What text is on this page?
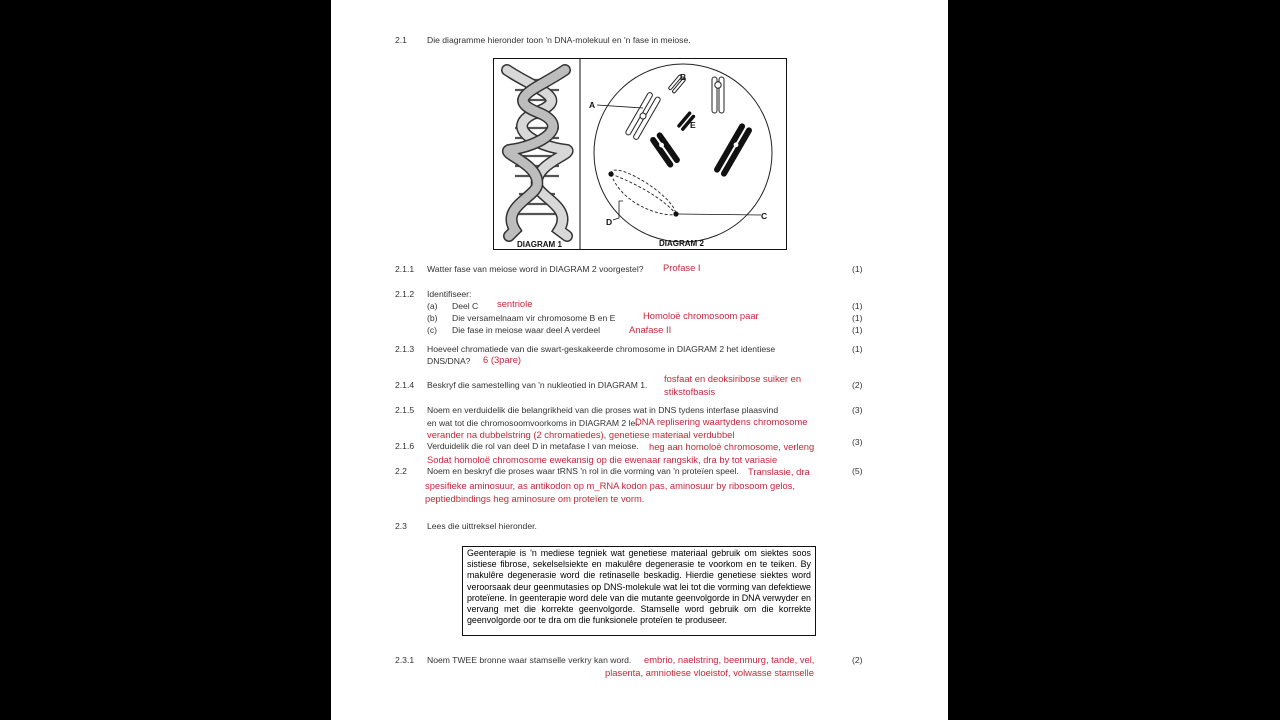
2.1 Die diagramme hieronder toon 'n DNA-molekuul en 'n fase in meiose.
A
B
C
D
E
DIAGRAM 1	DIAGRAM 2
2.1.1 Watter fase van meiose word in DIAGRAM 2 voorgestel?	(1)
Profase I
2.1.2 Identifiseer:
(a) Deel C	(1)
sentriole
(b) Die versamelnaam vir chromosome B en E	(1)
Homoloë chromosoom paar
(c) Die fase in meiose waar deel A verdeel	(1)
Anafase II
2.1.3 Hoeveel chromatiede van die swart-geskakeerde chromosome in DIAGRAM 2 het identiese
DNS/DNA?
(1)
6 (3pare)
2.1.4 Beskryf die samestelling van 'n nukleotied in DIAGRAM 1.	(2)
fosfaat en deoksiribose suiker en
stikstofbasis
2.1.5 Noem en verduidelik die belangrikheid van die proses wat in DNS tydens interfase plaasvind
en wat tot die chromosoomvoorkoms in DIAGRAM 2 lei.
(3)
DNA replisering waartydens chromosome
verander na dubbelstring (2 chromatiedes), genetiese materiaal verdubbel
2.1.6 Verduidelik die rol van deel D in metafase I van meiose.	(3)
heg aan homoloë chromosome, verleng
Sodat homoloë chromosome ewekansig op die ewenaar rangskik, dra by tot variasie
2.2 Noem en beskryf die proses waar tRNS 'n rol in die vorming van 'n proteïen speel.	(5)
Translasie, dra
spesifieke aminosuur, as antikodon op m_RNA kodon pas, aminosuur by ribosoom gelos,
peptiedbindings heg aminosure om proteïen te vorm.
2.3 Lees die uittreksel hieronder.
Geenterapie is 'n mediese tegniek wat genetiese materiaal gebruik om siektes soos sistiese fibrose, sekelselsiekte en makulêre degenerasie te voorkom en te teiken. By makulêre degenerasie word die retinaselle beskadig. Hierdie genetiese siektes word veroorsaak deur geenmutasies op DNS-molekule wat lei tot die vorming van defektiewe proteïene. In geenterapie word dele van die mutante geenvolgorde in DNA verwyder en vervang met die korrekte geenvolgorde. Stamselle word gebruik om die korrekte geenvolgorde oor te dra om die funksionele proteïen te produseer.
2.3.1 Noem TWEE bronne waar stamselle verkry kan word.	(2)
embrio, naelstring, beenmurg, tande, vel,
plasenta, amniotiese vloeistof, volwasse stamselle
